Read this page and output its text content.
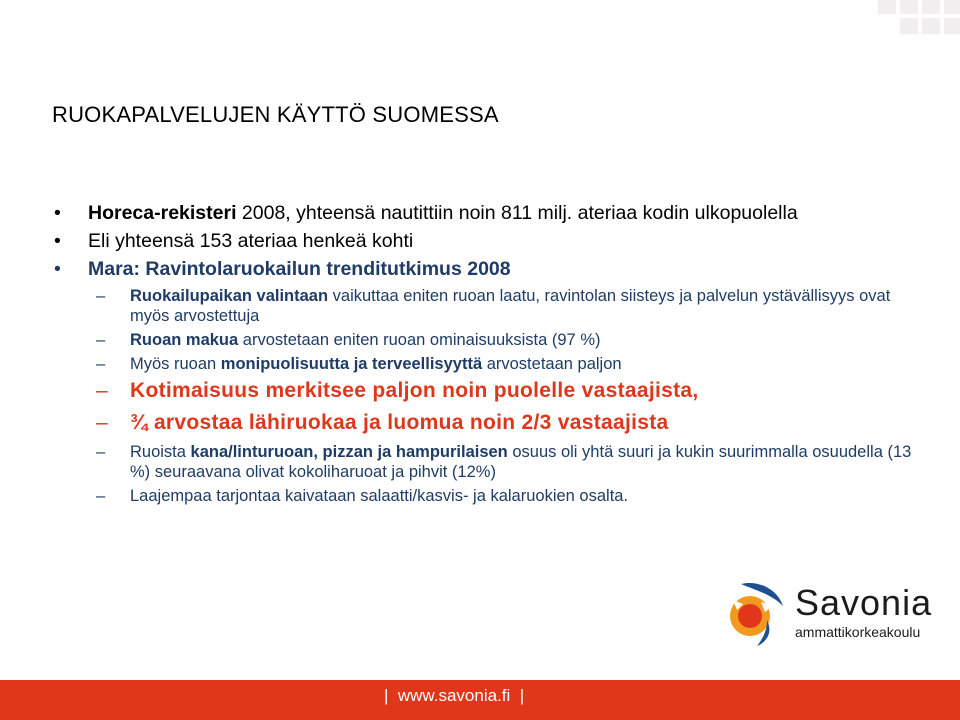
RUOKAPALVELUJEN KÄYTTÖ SUOMESSA
• Horeca-rekisteri 2008, yhteensä nautittiin noin 811 milj. ateriaa kodin ulkopuolella
• Eli yhteensä 153 ateriaa henkeä kohti
• Mara: Ravintolaruokailun trenditutkimus 2008
– Ruokailupaikan valintaan vaikuttaa eniten ruoan laatu, ravintolan siisteys ja palvelun ystävällisyys ovat myös arvostettuja
– Ruoan makua arvostetaan eniten ruoan ominaisuuksista (97 %)
– Myös ruoan monipuolisuutta ja terveellisyyttä arvostetaan paljon
– Kotimaisuus merkitsee paljon noin puolelle vastaajista,
– ¾ arvostaa lähiruokaa ja luomua noin 2/3 vastaajista
– Ruoista kana/linturuoan, pizzan ja hampurilaisen osuus oli yhtä suuri ja kukin suurimmalla osuudella (13 %) seuraavana olivat kokoliharuoat ja pihvit (12%)
– Laajempaa tarjontaa kaivataan salaatti/kasvis- ja kalaruokien osalta.
Savonia
ammattikorkeakoulu
|  www.savonia.fi  |
